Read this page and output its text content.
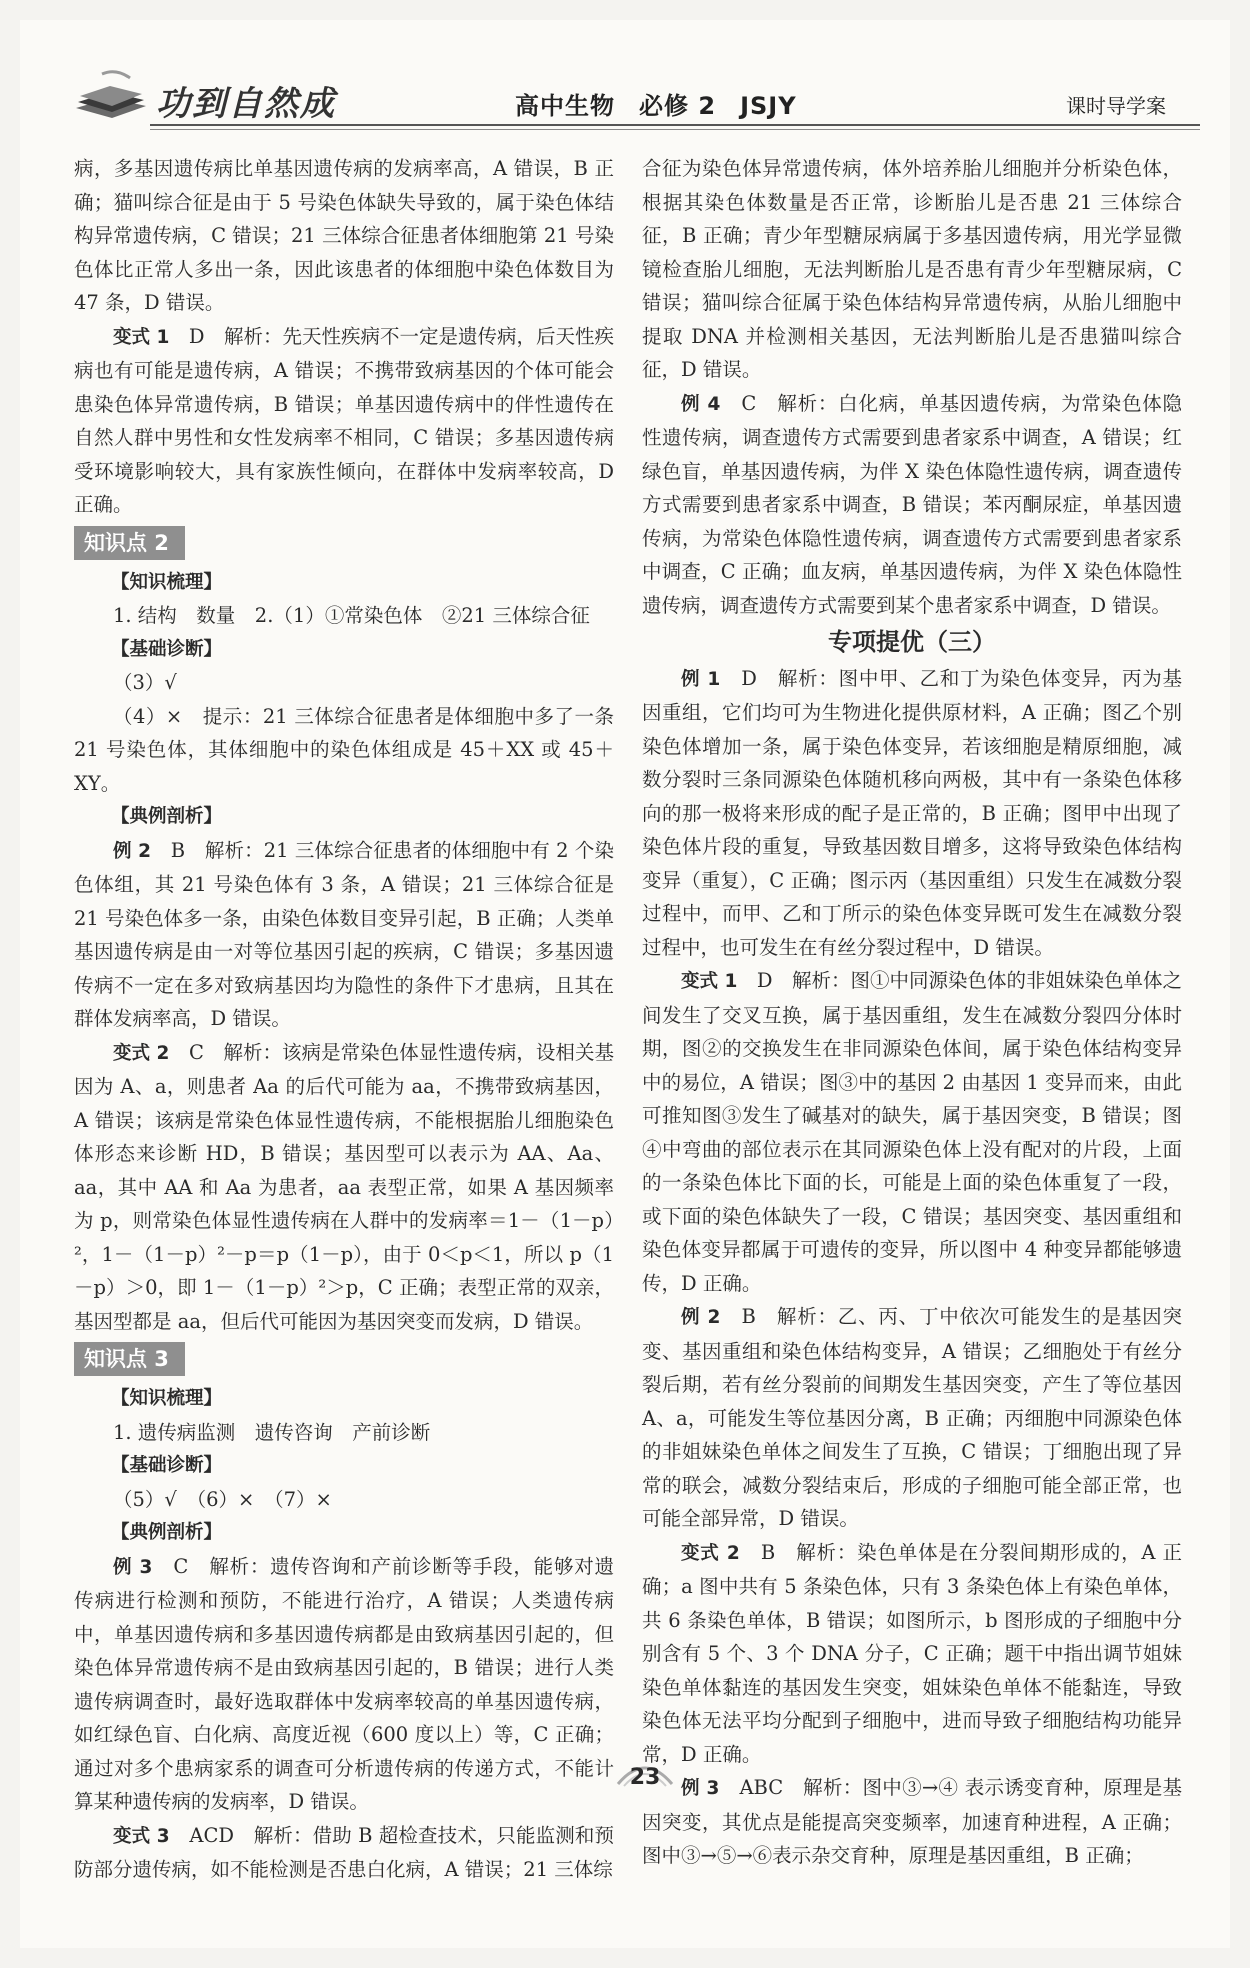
功到自然成	高中生物 必修 2 JSJY	课时导学案

病，多基因遗传病比单基因遗传病的发病率高，A 错误，B 正确；猫叫综合征是由于 5 号染色体缺失导致的，属于染色体结构异常遗传病，C 错误；21 三体综合征患者体细胞第 21 号染色体比正常人多出一条，因此该患者的体细胞中染色体数目为 47 条，D 错误。

变式 1　 D　解析：先天性疾病不一定是遗传病，后天性疾病也有可能是遗传病，A 错误；不携带致病基因的个体可能会患染色体异常遗传病，B 错误；单基因遗传病中的伴性遗传在自然人群中男性和女性发病率不相同，C 错误；多基因遗传病受环境影响较大，具有家族性倾向，在群体中发病率较高，D 正确。

知识点 2

【知识梳理】

1. 结构　数量　2.（1）①常染色体　②21 三体综合征

【基础诊断】

（3）√

（4）×　提示：21 三体综合征患者是体细胞中多了一条 21 号染色体，其体细胞中的染色体组成是 45＋XX 或 45＋XY。

【典例剖析】

例 2　 B　解析：21 三体综合征患者的体细胞中有 2 个染色体组，其 21 号染色体有 3 条，A 错误；21 三体综合征是 21 号染色体多一条，由染色体数目变异引起，B 正确；人类单基因遗传病是由一对等位基因引起的疾病，C 错误；多基因遗传病不一定在多对致病基因均为隐性的条件下才患病，且其在群体发病率高，D 错误。

变式 2　 C　解析：该病是常染色体显性遗传病，设相关基因为 A、a，则患者 Aa 的后代可能为 aa，不携带致病基因，A 错误；该病是常染色体显性遗传病，不能根据胎儿细胞染色体形态来诊断 HD，B 错误；基因型可以表示为 AA、Aa、aa，其中 AA 和 Aa 为患者，aa 表型正常，如果 A 基因频率为 p，则常染色体显性遗传病在人群中的发病率＝1－（1－p）²，1－（1－p）²－p＝p（1－p），由于 0＜p＜1，所以 p（1－p）＞0，即 1－（1－p）²＞p，C 正确；表型正常的双亲，基因型都是 aa，但后代可能因为基因突变而发病，D 错误。

知识点 3

【知识梳理】

1. 遗传病监测　遗传咨询　产前诊断

【基础诊断】

（5）√　（6）×　（7）×

【典例剖析】

例 3　 C　解析：遗传咨询和产前诊断等手段，能够对遗传病进行检测和预防，不能进行治疗，A 错误；人类遗传病中，单基因遗传病和多基因遗传病都是由致病基因引起的，但染色体异常遗传病不是由致病基因引起的，B 错误；进行人类遗传病调查时，最好选取群体中发病率较高的单基因遗传病，如红绿色盲、白化病、高度近视（600 度以上）等，C 正确；通过对多个患病家系的调查可分析遗传病的传递方式，不能计算某种遗传病的发病率，D 错误。

变式 3　 ACD　解析：借助 B 超检查技术，只能监测和预防部分遗传病，如不能检测是否患白化病，A 错误；21 三体综

合征为染色体异常遗传病，体外培养胎儿细胞并分析染色体，根据其染色体数量是否正常，诊断胎儿是否患 21 三体综合征，B 正确；青少年型糖尿病属于多基因遗传病，用光学显微镜检查胎儿细胞，无法判断胎儿是否患有青少年型糖尿病，C 错误；猫叫综合征属于染色体结构异常遗传病，从胎儿细胞中提取 DNA 并检测相关基因，无法判断胎儿是否患猫叫综合征，D 错误。

例 4　 C　解析：白化病，单基因遗传病，为常染色体隐性遗传病，调查遗传方式需要到患者家系中调查，A 错误；红绿色盲，单基因遗传病，为伴 X 染色体隐性遗传病，调查遗传方式需要到患者家系中调查，B 错误；苯丙酮尿症，单基因遗传病，为常染色体隐性遗传病，调查遗传方式需要到患者家系中调查，C 正确；血友病，单基因遗传病，为伴 X 染色体隐性遗传病，调查遗传方式需要到某个患者家系中调查，D 错误。

专项提优（三）

例 1　 D　解析：图中甲、乙和丁为染色体变异，丙为基因重组，它们均可为生物进化提供原材料，A 正确；图乙个别染色体增加一条，属于染色体变异，若该细胞是精原细胞，减数分裂时三条同源染色体随机移向两极，其中有一条染色体移向的那一极将来形成的配子是正常的，B 正确；图甲中出现了染色体片段的重复，导致基因数目增多，这将导致染色体结构变异（重复），C 正确；图示丙（基因重组）只发生在减数分裂过程中，而甲、乙和丁所示的染色体变异既可发生在减数分裂过程中，也可发生在有丝分裂过程中，D 错误。

变式 1　 D　解析：图①中同源染色体的非姐妹染色单体之间发生了交叉互换，属于基因重组，发生在减数分裂四分体时期，图②的交换发生在非同源染色体间，属于染色体结构变异中的易位，A 错误；图③中的基因 2 由基因 1 变异而来，由此可推知图③发生了碱基对的缺失，属于基因突变，B 错误；图④中弯曲的部位表示在其同源染色体上没有配对的片段，上面的一条染色体比下面的长，可能是上面的染色体重复了一段，或下面的染色体缺失了一段，C 错误；基因突变、基因重组和染色体变异都属于可遗传的变异，所以图中 4 种变异都能够遗传，D 正确。

例 2　 B　解析：乙、丙、丁中依次可能发生的是基因突变、基因重组和染色体结构变异，A 错误；乙细胞处于有丝分裂后期，若有丝分裂前的间期发生基因突变，产生了等位基因 A、a，可能发生等位基因分离，B 正确；丙细胞中同源染色体的非姐妹染色单体之间发生了互换，C 错误；丁细胞出现了异常的联会，减数分裂结束后，形成的子细胞可能全部正常，也可能全部异常，D 错误。

变式 2　 B　解析：染色单体是在分裂间期形成的，A 正确；a 图中共有 5 条染色体，只有 3 条染色体上有染色单体，共 6 条染色单体，B 错误；如图所示，b 图形成的子细胞中分别含有 5 个、3 个 DNA 分子，C 正确；题干中指出调节姐妹染色单体黏连的基因发生突变，姐妹染色单体不能黏连，导致染色体无法平均分配到子细胞中，进而导致子细胞结构功能异常，D 正确。

例 3　 ABC　解析：图中③→④ 表示诱变育种，原理是基因突变，其优点是能提高突变频率，加速育种进程，A 正确；图中③→⑤→⑥表示杂交育种，原理是基因重组，B 正确；

23
